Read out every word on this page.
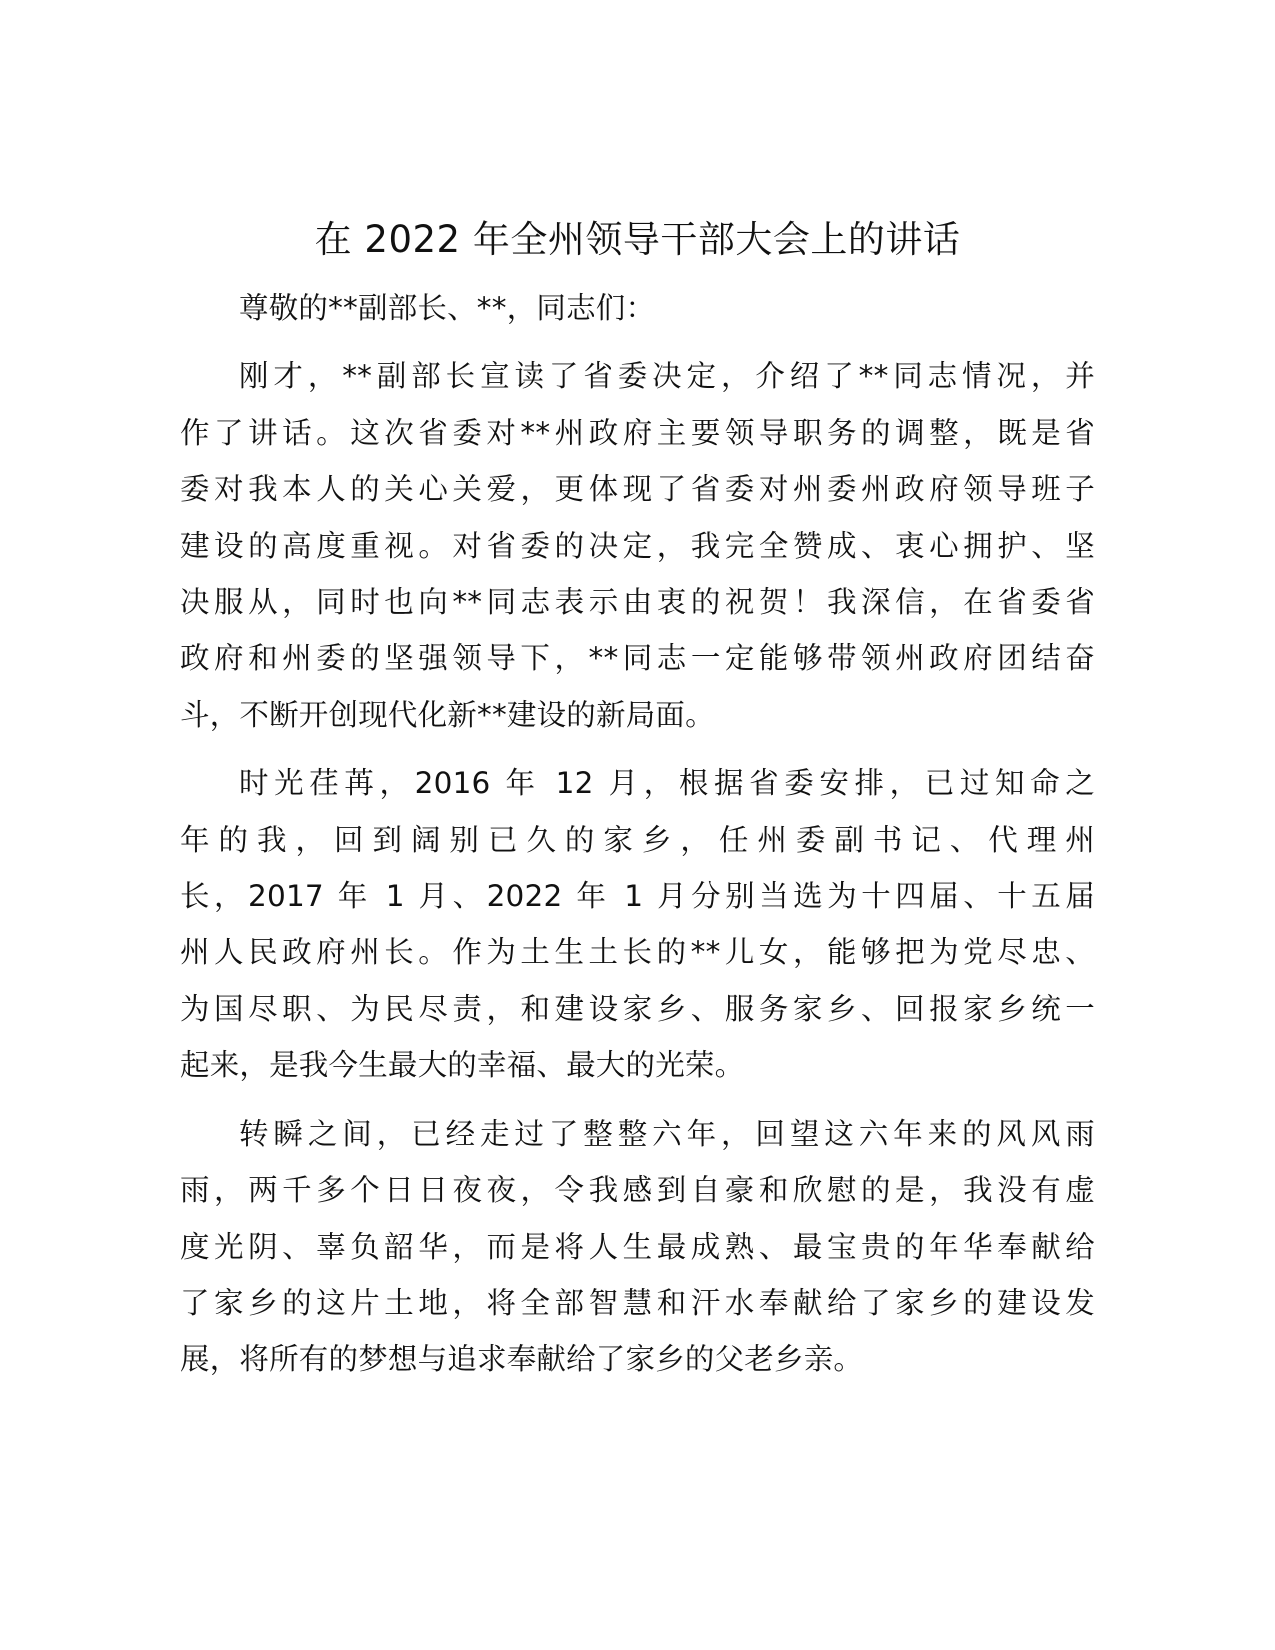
在 2022 年全州领导干部大会上的讲话

尊敬的**副部长、**，同志们：

刚才，**副部长宣读了省委决定，介绍了**同志情况，并
作了讲话。这次省委对**州政府主要领导职务的调整，既是省
委对我本人的关心关爱，更体现了省委对州委州政府领导班子
建设的高度重视。对省委的决定，我完全赞成、衷心拥护、坚
决服从，同时也向**同志表示由衷的祝贺！我深信，在省委省
政府和州委的坚强领导下，**同志一定能够带领州政府团结奋
斗，不断开创现代化新**建设的新局面。

时光荏苒，2016 年 12 月，根据省委安排，已过知命之
年的我，回到阔别已久的家乡，任州委副书记、代理州
长，2017 年 1 月、2022 年 1 月分别当选为十四届、十五届
州人民政府州长。作为土生土长的**儿女，能够把为党尽忠、
为国尽职、为民尽责，和建设家乡、服务家乡、回报家乡统一
起来，是我今生最大的幸福、最大的光荣。

转瞬之间，已经走过了整整六年，回望这六年来的风风雨
雨，两千多个日日夜夜，令我感到自豪和欣慰的是，我没有虚
度光阴、辜负韶华，而是将人生最成熟、最宝贵的年华奉献给
了家乡的这片土地，将全部智慧和汗水奉献给了家乡的建设发
展，将所有的梦想与追求奉献给了家乡的父老乡亲。
